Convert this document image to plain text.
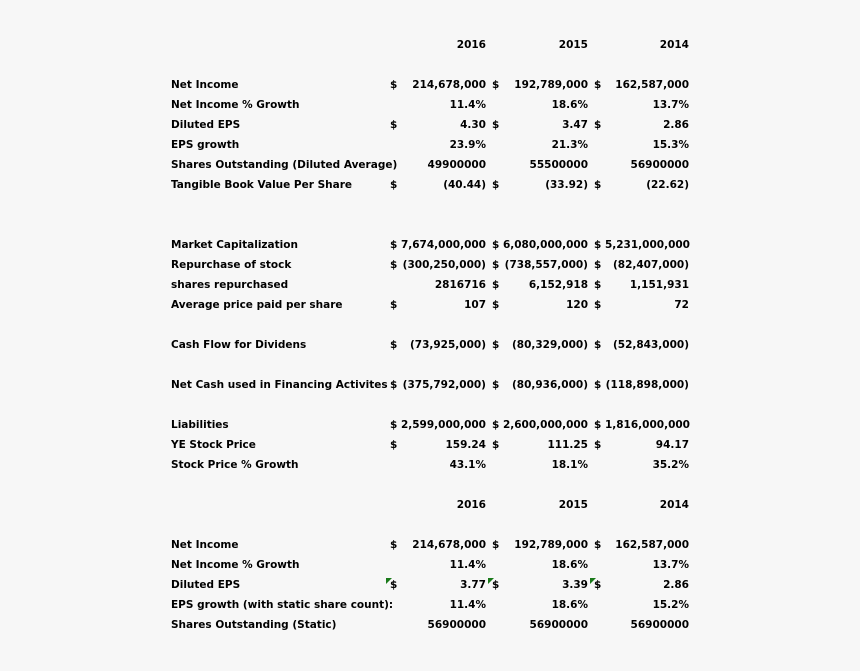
2016	2015	2014
Net Income	$	214,678,000 $	192,789,000 $	162,587,000
Net Income % Growth	11.4%	18.6%	13.7%
Diluted EPS	$	4.30 $	3.47 $	2.86
EPS growth	23.9%	21.3%	15.3%
Shares Outstanding (Diluted Average)	49900000	55500000	56900000
Tangible Book Value Per Share	$	(40.44) $	(33.92) $	(22.62)
Market Capitalization	$ 7,674,000,000 $ 6,080,000,000 $ 5,231,000,000
Repurchase of stock	$ (300,250,000) $ (738,557,000) $	(82,407,000)
shares repurchased	2816716 $	6,152,918 $	1,151,931
Average price paid per share	$	107 $	120 $	72
Cash Flow for Dividens	$	(73,925,000) $	(80,329,000) $	(52,843,000)
Net Cash used in Financing Activites $ (375,792,000) $	(80,936,000) $ (118,898,000)
Liabilities	$ 2,599,000,000 $ 2,600,000,000 $ 1,816,000,000
YE Stock Price	$	159.24 $	111.25 $	94.17
Stock Price % Growth	43.1%	18.1%	35.2%
2016	2015	2014
Net Income	$	214,678,000 $	192,789,000 $	162,587,000
Net Income % Growth	11.4%	18.6%	13.7%
Diluted EPS	$	3.77 $	3.39 $	2.86
EPS growth (with static share count):	11.4%	18.6%	15.2%
Shares Outstanding (Static)	56900000	56900000	56900000
